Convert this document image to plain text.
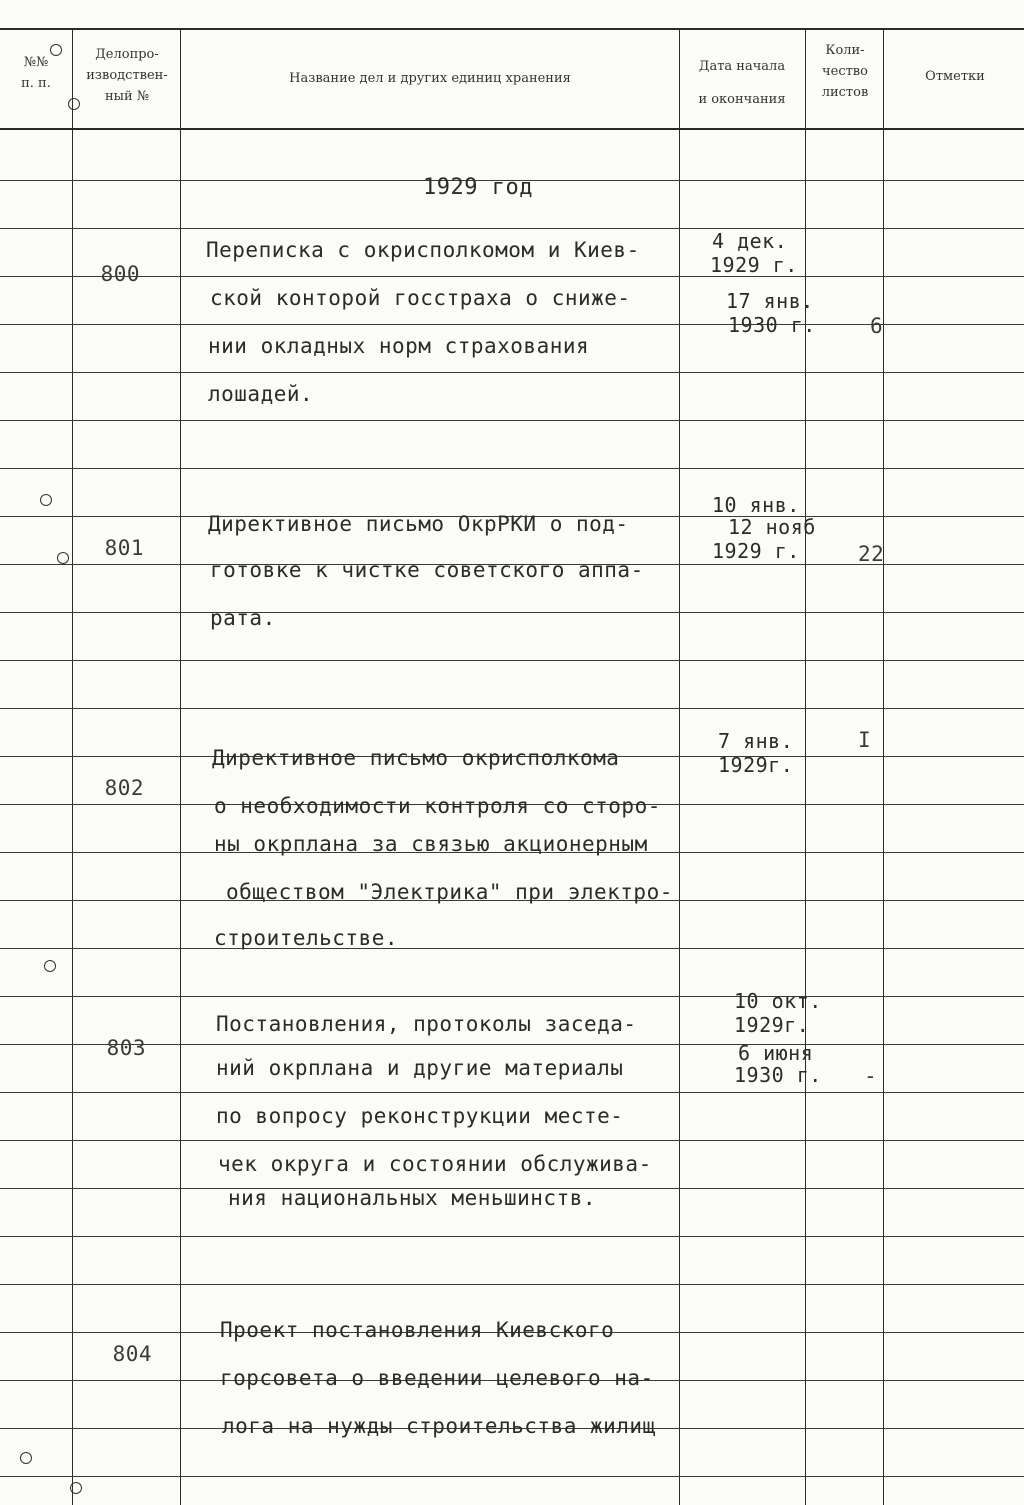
№№
п. п.
Делопро-
изводствен-
ный №
Название дел и других единиц хранения
Дата начала
и окончания
Коли-
чество
листов
Отметки

1929 год

800

Переписка с окрисполкомом и Киев-
ской конторой госстраха о сниже-
нии окладных норм страхования
лошадей.
4 дек.
1929 г.
17 янв.
1930 г.	6

801

Директивное письмо ОкрРКИ о под-
готовке к чистке советского аппа-
рата.
10 янв.
12 нояб
1929 г.	22

802

Директивное письмо окрисполкома
о необходимости контроля со сторо-
ны окрплана за связью акционерным
обществом "Электрика" при электро-
строительстве.
7 янв.
1929г.
I

803

Постановления, протоколы заседа-
ний окрплана и другие материалы
по вопросу реконструкции месте-
чек округа и состоянии обслужива-
ния национальных меньшинств.
10 окт.
1929г.
6 июня
1930 г. -

804

Проект постановления Киевского
горсовета о введении целевого на-
лога на нужды строительства жилищ
